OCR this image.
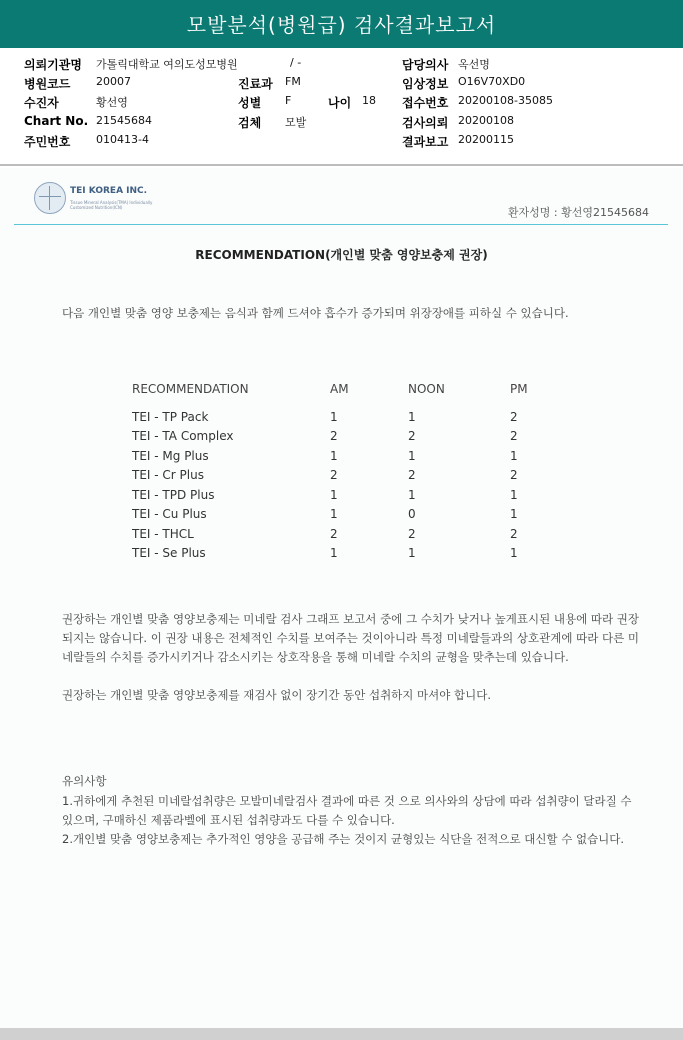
모발분석(병원급) 검사결과보고서
의뢰기관명 가톨릭대학교 여의도성모병원	/ -	담당의사 옥선명
병원코드 20007	진료과 FM	임상정보 O16V70XD0
수진자	황선영	성별 F	나이 18 접수번호 20200108-35085
Chart No. 21545684	검체 모발	검사의뢰 20200108
주민번호 010413-4	결과보고 20200115
TEI KOREA INC.
Tissue Mineral Analysis(TMA) Individually Customized Nutrition(ICN)	환자성명 : 황선영21545684
RECOMMENDATION(개인별 맞춤 영양보충제 권장)
다음 개인별 맞춤 영양 보충제는 음식과 함께 드셔야 흡수가 증가되며 위장장애를 피하실 수 있습니다.
RECOMMENDATION	AM	NOON	PM
TEI - TP Pack	1	1	2
TEI - TA Complex	2	2	2
TEI - Mg Plus	1	1	1
TEI - Cr Plus	2	2	2
TEI - TPD Plus	1	1	1
TEI - Cu Plus	1	0	1
TEI - THCL	2	2	2
TEI - Se Plus	1	1	1
권장하는 개인별 맞춤 영양보충제는 미네랄 검사 그래프 보고서 중에 그 수치가 낮거나 높게표시된 내용에 따라 권장되지는 않습니다. 이 권장 내용은 전체적인 수치를 보여주는 것이아니라 특정 미네랄들과의 상호관계에 따라 다른 미네랄들의 수치를 증가시키거나 감소시키는 상호작용을 통해 미네랄 수치의 균형을 맞추는데 있습니다.
권장하는 개인별 맞춤 영양보충제를 재검사 없이 장기간 동안 섭취하지 마셔야 합니다.
유의사항
1.귀하에게 추천된 미네랄섭취량은 모발미네랄검사 결과에 따른 것 으로 의사와의 상담에 따라 섭취량이 달라질 수 있으며, 구매하신 제품라벨에 표시된 섭취량과도 다를 수 있습니다.
2.개인별 맞춤 영양보충제는 추가적인 영양을 공급해 주는 것이지 균형있는 식단을 전적으로 대신할 수 없습니다.
